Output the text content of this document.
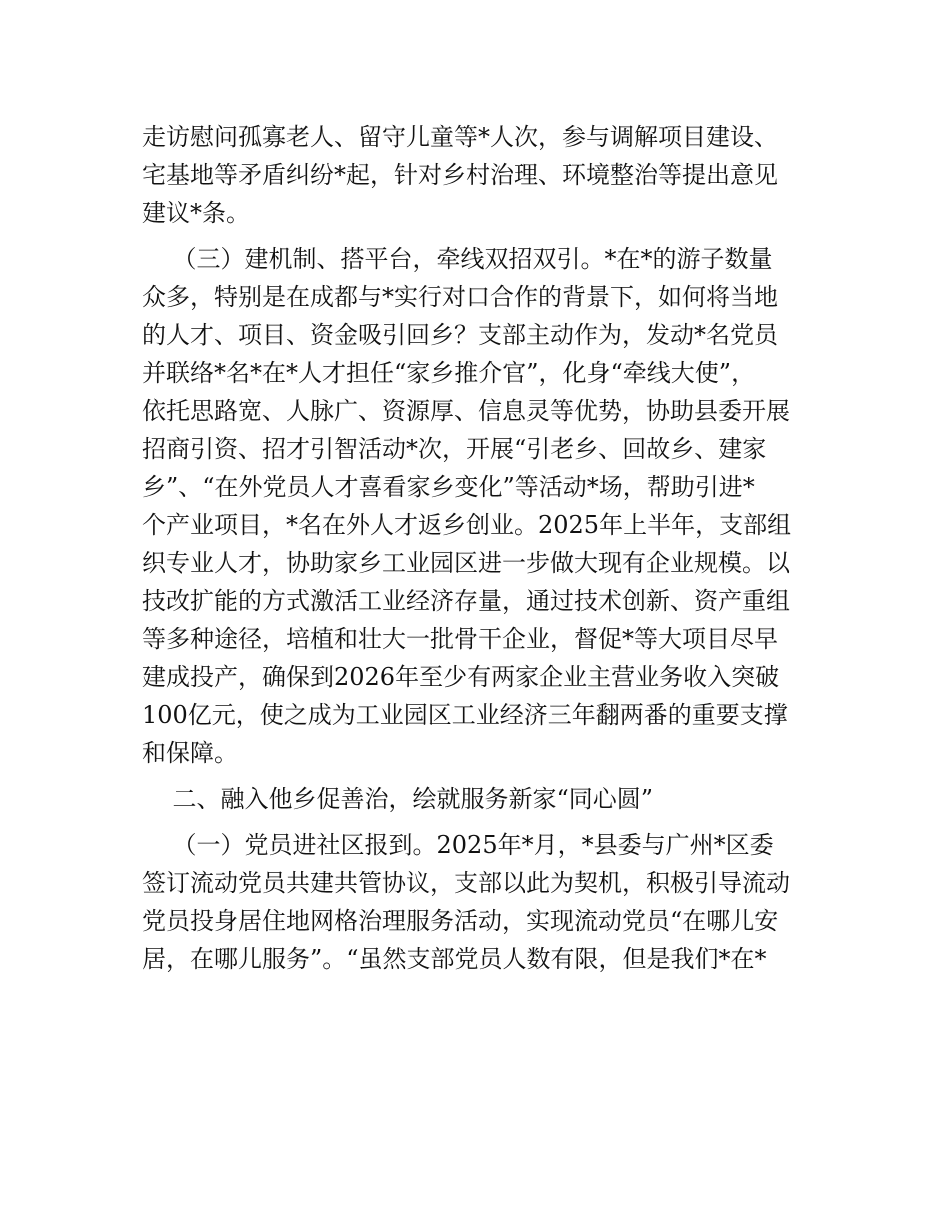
走访慰问孤寡老人、留守儿童等*人次，参与调解项目建设、
宅基地等矛盾纠纷*起，针对乡村治理、环境整治等提出意见
建议*条。
（三）建机制、搭平台，牵线双招双引。*在*的游子数量
众多，特别是在成都与*实行对口合作的背景下，如何将当地
的人才、项目、资金吸引回乡？支部主动作为，发动*名党员
并联络*名*在*人才担任“家乡推介官”，化身“牵线大使”，
依托思路宽、人脉广、资源厚、信息灵等优势，协助县委开展
招商引资、招才引智活动*次，开展“引老乡、回故乡、建家
乡”、“在外党员人才喜看家乡变化”等活动*场，帮助引进*
个产业项目，*名在外人才返乡创业。2025年上半年，支部组
织专业人才，协助家乡工业园区进一步做大现有企业规模。以
技改扩能的方式激活工业经济存量，通过技术创新、资产重组
等多种途径，培植和壮大一批骨干企业，督促*等大项目尽早
建成投产，确保到2026年至少有两家企业主营业务收入突破
100亿元，使之成为工业园区工业经济三年翻两番的重要支撑
和保障。
二、融入他乡促善治，绘就服务新家“同心圆”
（一）党员进社区报到。2025年*月，*县委与广州*区委
签订流动党员共建共管协议，支部以此为契机，积极引导流动
党员投身居住地网格治理服务活动，实现流动党员“在哪儿安
居，在哪儿服务”。“虽然支部党员人数有限，但是我们*在*
